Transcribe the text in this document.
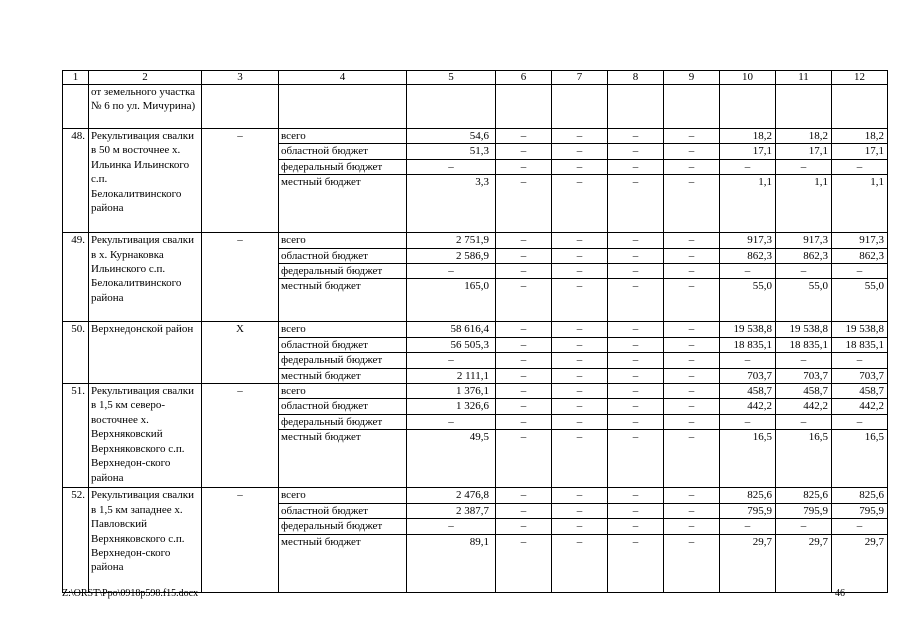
1	2	3	4	5	6	7	8	9	10	11	12
	от земельного участка № 6 по ул. Мичурина)										
48.	Рекультивация свалки в 50 м восточнее х. Ильинка Ильинского с.п. Белокалитвинского района	–	всего	54,6	–	–	–	–	18,2	18,2	18,2
			областной бюджет	51,3	–	–	–	–	17,1	17,1	17,1
			федеральный бюджет	–	–	–	–	–	–	–	–
			местный бюджет	3,3	–	–	–	–	1,1	1,1	1,1
49.	Рекультивация свалки в х. Курнаковка Ильинского с.п. Белокалитвинского района	–	всего	2 751,9	–	–	–	–	917,3	917,3	917,3
			областной бюджет	2 586,9	–	–	–	–	862,3	862,3	862,3
			федеральный бюджет	–	–	–	–	–	–	–	–
			местный бюджет	165,0	–	–	–	–	55,0	55,0	55,0
50.	Верхнедонской район	Х	всего	58 616,4	–	–	–	–	19 538,8	19 538,8	19 538,8
			областной бюджет	56 505,3	–	–	–	–	18 835,1	18 835,1	18 835,1
			федеральный бюджет	–	–	–	–	–	–	–	–
			местный бюджет	2 111,1	–	–	–	–	703,7	703,7	703,7
51.	Рекультивация свалки в 1,5 км северо-восточнее х. Верхняковский Верхняковского с.п. Верхнедон-ского района	–	всего	1 376,1	–	–	–	–	458,7	458,7	458,7
			областной бюджет	1 326,6	–	–	–	–	442,2	442,2	442,2
			федеральный бюджет	–	–	–	–	–	–	–	–
			местный бюджет	49,5	–	–	–	–	16,5	16,5	16,5
52.	Рекультивация свалки в 1,5 км западнее х. Павловский Верхняковского с.п. Верхнедон-ского района	–	всего	2 476,8	–	–	–	–	825,6	825,6	825,6
			областной бюджет	2 387,7	–	–	–	–	795,9	795,9	795,9
			федеральный бюджет	–	–	–	–	–	–	–	–
			местный бюджет	89,1	–	–	–	–	29,7	29,7	29,7
Z:\ORST\Ppo\0918p598.f15.docx	46
